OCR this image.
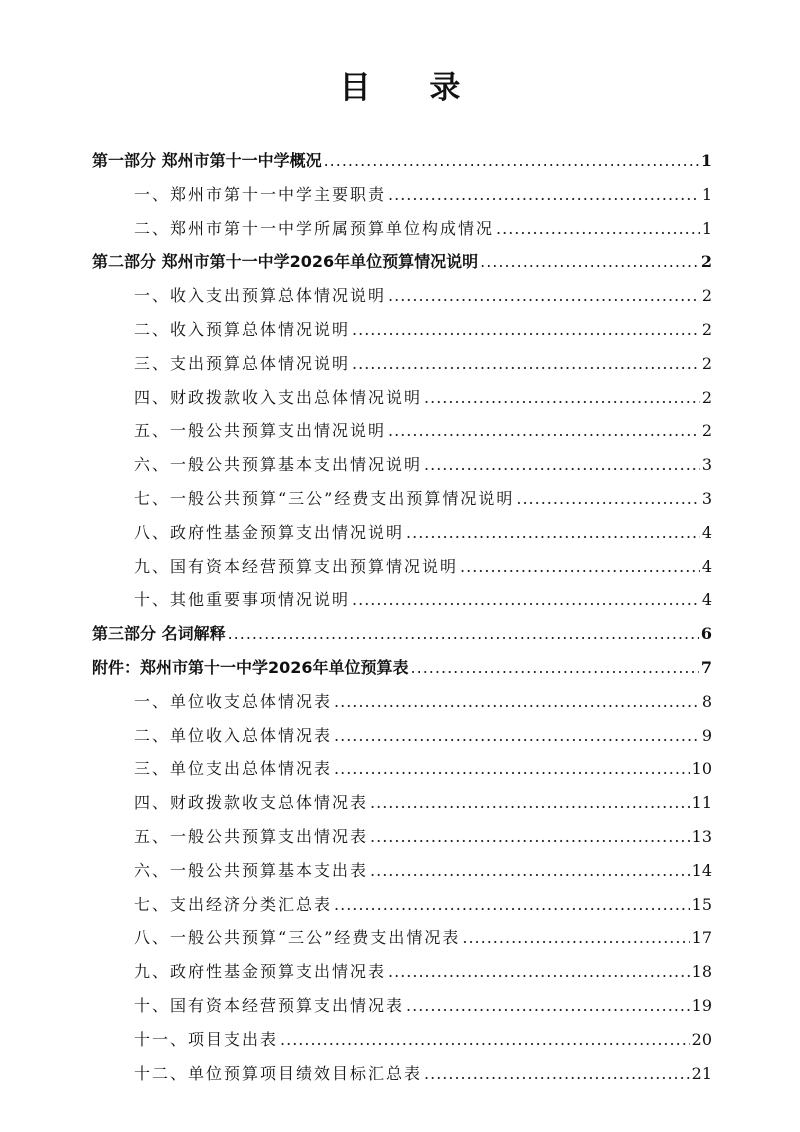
目 录
第一部分 郑州市第十一中学概况 .....	1
一、郑州市第十一中学主要职责 .....	1
二、郑州市第十一中学所属预算单位构成情况 .....	1
第二部分 郑州市第十一中学2026年单位预算情况说明 .....	2
一、收入支出预算总体情况说明 .....	2
二、收入预算总体情况说明 .....	2
三、支出预算总体情况说明 .....	2
四、财政拨款收入支出总体情况说明 .....	2
五、一般公共预算支出情况说明 .....	2
六、一般公共预算基本支出情况说明 .....	3
七、一般公共预算“三公”经费支出预算情况说明 .....	3
八、政府性基金预算支出情况说明 .....	4
九、国有资本经营预算支出预算情况说明 .....	4
十、其他重要事项情况说明 .....	4
第三部分 名词解释 .....	6
附件：郑州市第十一中学2026年单位预算表 .....	7
一、单位收支总体情况表 .....	8
二、单位收入总体情况表 .....	9
三、单位支出总体情况表 .....	10
四、财政拨款收支总体情况表 .....	11
五、一般公共预算支出情况表 .....	13
六、一般公共预算基本支出表 .....	14
七、支出经济分类汇总表 .....	15
八、一般公共预算“三公”经费支出情况表 .....	17
九、政府性基金预算支出情况表 .....	18
十、国有资本经营预算支出情况表 .....	19
十一、项目支出表 .....	20
十二、单位预算项目绩效目标汇总表 .....	21
